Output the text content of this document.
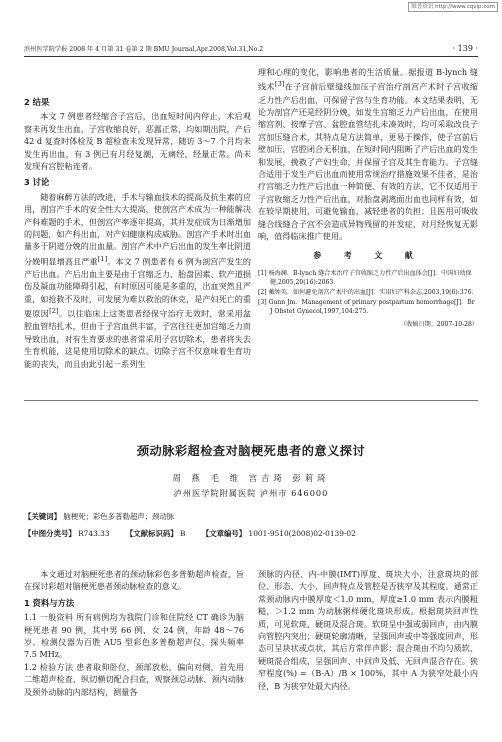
维普资讯 http://www.cqvip.com
滨州医学院学报 2008 年 4 月第 31 卷第 2 期 BMU Journal,Apr.2008,Vol.31,No.2	· 139 ·
2 结果

本文 7 例患者经缩合子宫后，出血短时间内停止，术后观察未再发生出血，子宫收缩良好，恶露正常，均如期出院，产后 42 d 复查时体检及 B 超检查未发现异常，随访 3～7 个月均未发生再出血，有 3 例已有月经复潮，无痛经，经量正常。尚未发现有宫腔粘连者。

3 讨论

随着麻醉方法的改进，手术与输血技术的提高及抗生素的应用，剖宫产手术的安全性大大提高，使剖宫产术成为一种能解决产科难题的手术，但剖宫产率逐年提高，其并发症成为日渐增加的问题，如产科出血，对产妇健康构成威胁。剖宫产手术时出血量多于阴道分娩的出血量。剖宫产术中产后出血的发生率比阴道分娩明显增高且严重[1]。本文 7 例患者有 6 例为剖宫产发生的产后出血。产后出血主要是由于宫缩乏力、胎盘因素、软产道损伤及凝血功能障碍引起，有时原因可能是多重的，出血突然且严重，如抢救不及时，可发展为难以救治的休克，是产妇死亡的重要原因[2]。以往临床上这类患者经保守治疗无效时，常采用盆腔血管结扎术，但由于子宫血供丰富，子宫往往更加宫缩乏力而导致出血，对有生育要求的患者常采用子宫切除术，患者将失去生育机能，这是使用切除术的缺点。切除子宫不仅意味着生育功能的丧失，而且由此引起一系列生

理和心理的变化，影响患者的生活质量。据报道 B-lynch 缝线术[3]在子宫前后壁缝线加压子宫治疗剖宫产术时子宫收缩乏力性产后出血，可保留子宫与生育功能。本文结果表明，无论为剖宫产还是经阴分娩，如发生宫缩乏力产后出血，在使用缩宫剂、按摩子宫、盆腔血管结扎未凑效时，均可采取改良子宫加压缝合术，其特点是方法简单，更易于操作，使子宫前后壁加压，宫腔闭合无积血，在短时间内阻断了产后出血的发生和发展，挽救了产妇生命，并保留子宫及其生育能力。子宫缝合适用于发生产后出血而使用常规治疗措施效果不佳者，是治疗宫缩乏力性产后出血一种简便、有效的方法，它不仅适用于子宫收缩乏力性产后出血，对胎盘剥离面出血也同样有效，如在较早期使用，可避免输血，减轻患者的负担；且医用可吸收缝合线缝合子宫不会造成异物残留的并发症，对月经恢复无影响，值得临床推广使用。

参 考 文 献
[1] 杨海澜．B-lynch 缝合术治疗子宫收缩乏力性产后出血体会[J]．中国妇幼保健,2005,20(16):2063．
[2] 戴钟英．如何避免剖宫产术中的出血[J]．实用妇产科杂志,2003,19(6):376．
[3] Gunn Jm．Management of primary postpartum hemorrhage[J]．Br J Obstet Gynecol,1997,104:275．
（收稿日期：2007-10-28）
颈动脉彩超检查对脑梗死患者的意义探讨
周 燕 毛 维 宫吉琦 彭莉琦
泸州医学院附属医院 泸州市 646000
【关键词】 脑梗死；彩色多普勒超声；颈动脉
【中图分类号】 R743.33 【文献标识码】 B 【文章编号】 1001-9510(2008)02-0139-02

本文通过对脑梗死患者的颈动脉彩色多普勒超声检查，旨在探讨彩超对脑梗死患者颈动脉检查的意义。

1 资料与方法

1.1 一般资料 所有病例均为我院门诊和住院经 CT 确诊为脑梗死患者 90 例，其中男 66 例，女 24 例，年龄 48～76 岁。检测仪器为百胜 AU5 型彩色多普勒超声仪，探头频率 7.5 MHz。

1.2 检验方法 患者取仰卧位，颈部放松，偏向对侧，首先用二维超声检查，纵切横切配合扫查，观察颈总动脉、颈内动脉及颈外动脉的内部结构，测量各

颈脉的内径、内-中膜(IMT)厚度、斑块大小，注意斑块的部位、形态、大小、回声特点及管腔是否狭窄及其程度。通常正常颈动脉内中膜厚度＜1.0 mm，厚度≥1.0 mm 表示内膜粗糙，＞1.2 mm 为动脉粥样硬化斑块形成。根据斑块回声性质，可见软斑、硬斑及混合斑。软斑呈中强或弱回声，由内膜向管腔内突出；硬斑轮廓清晰，呈强回声或中等强度回声，形态可呈块状或点状，其后方常伴声影；混合斑由不均匀质软、硬斑混合组成，呈强回声、中回声及低、无回声混合存在。狭窄程度(%) =（B-A）/B × 100%，其中 A 为狭窄处最小内径，B 为狭窄处最大内径。
